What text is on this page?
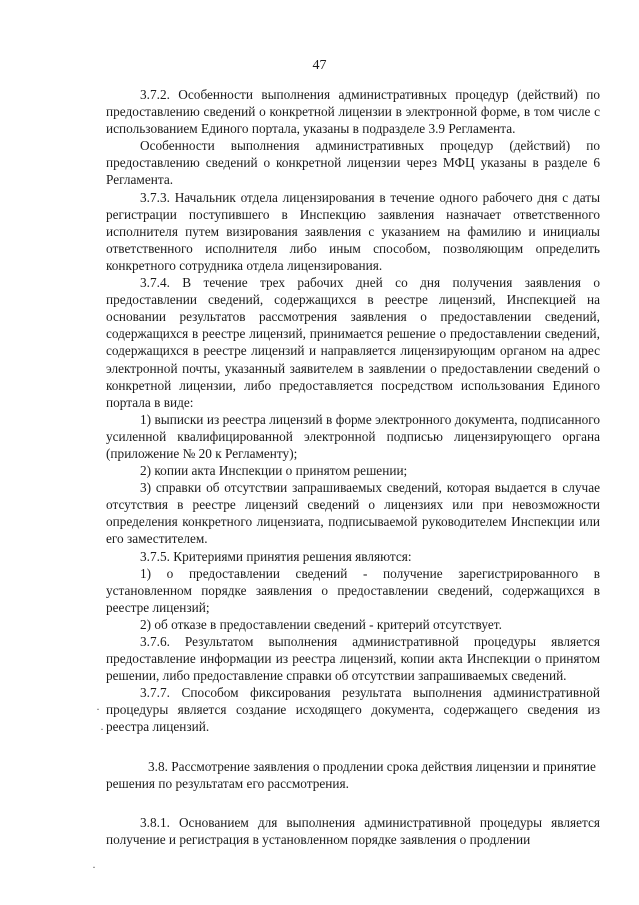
47

3.7.2. Особенности выполнения административных процедур (действий) по предоставлению сведений о конкретной лицензии в электронной форме, в том числе с использованием Единого портала, указаны в подразделе 3.9 Регламента.

Особенности выполнения административных процедур (действий) по предоставлению сведений о конкретной лицензии через МФЦ указаны в разделе 6 Регламента.

3.7.3. Начальник отдела лицензирования в течение одного рабочего дня с даты регистрации поступившего в Инспекцию заявления назначает ответственного исполнителя путем визирования заявления с указанием на фамилию и инициалы ответственного исполнителя либо иным способом, позволяющим определить конкретного сотрудника отдела лицензирования.

3.7.4. В течение трех рабочих дней со дня получения заявления о предоставлении сведений, содержащихся в реестре лицензий, Инспекцией на основании результатов рассмотрения заявления о предоставлении сведений, содержащихся в реестре лицензий, принимается решение о предоставлении сведений, содержащихся в реестре лицензий и направляется лицензирующим органом на адрес электронной почты, указанный заявителем в заявлении о предоставлении сведений о конкретной лицензии, либо предоставляется посредством использования Единого портала в виде:

1) выписки из реестра лицензий в форме электронного документа, подписанного усиленной квалифицированной электронной подписью лицензирующего органа (приложение № 20 к Регламенту);

2) копии акта Инспекции о принятом решении;

3) справки об отсутствии запрашиваемых сведений, которая выдается в случае отсутствия в реестре лицензий сведений о лицензиях или при невозможности определения конкретного лицензиата, подписываемой руководителем Инспекции или его заместителем.

3.7.5. Критериями принятия решения являются:

1) о предоставлении сведений - получение зарегистрированного в установленном порядке заявления о предоставлении сведений, содержащихся в реестре лицензий;

2) об отказе в предоставлении сведений - критерий отсутствует.

3.7.6. Результатом выполнения административной процедуры является предоставление информации из реестра лицензий, копии акта Инспекции о принятом решении, либо предоставление справки об отсутствии запрашиваемых сведений.

3.7.7. Способом фиксирования результата выполнения административной процедуры является создание исходящего документа, содержащего сведения из реестра лицензий.

3.8. Рассмотрение заявления о продлении срока действия лицензии и принятие решения по результатам его рассмотрения.

3.8.1. Основанием для выполнения административной процедуры является получение и регистрация в установленном порядке заявления о продлении

·
·
·
